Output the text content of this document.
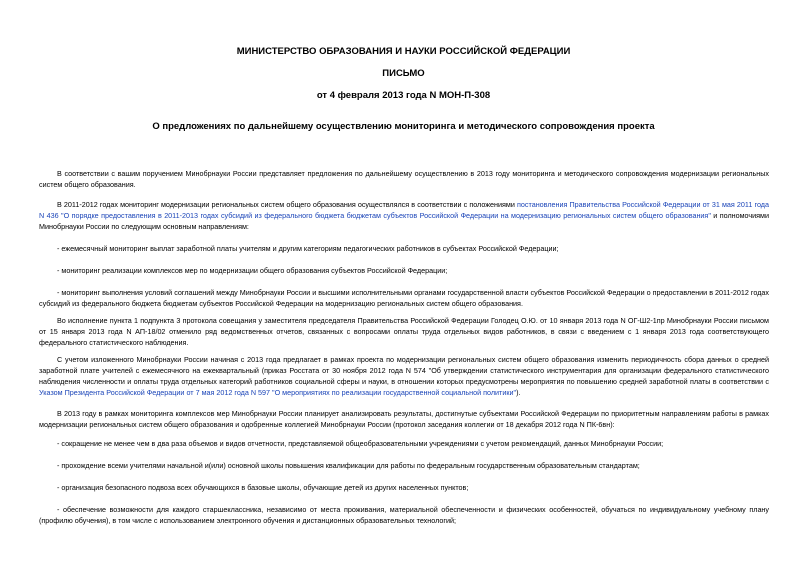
МИНИСТЕРСТВО ОБРАЗОВАНИЯ И НАУКИ РОССИЙСКОЙ ФЕДЕРАЦИИ
ПИСЬМО
от 4 февраля 2013 года N МОН-П-308
О предложениях по дальнейшему осуществлению мониторинга и методического сопровождения проекта
В соответствии с вашим поручением Минобрнауки России представляет предложения по дальнейшему осуществлению в 2013 году мониторинга и методического сопровождения модернизации региональных систем общего образования.
В 2011-2012 годах мониторинг модернизации региональных систем общего образования осуществлялся в соответствии с положениями постановления Правительства Российской Федерации от 31 мая 2011 года N 436 "О порядке предоставления в 2011-2013 годах субсидий из федерального бюджета бюджетам субъектов Российской Федерации на модернизацию региональных систем общего образования" и полномочиями Минобрнауки России по следующим основным направлениям:
- ежемесячный мониторинг выплат заработной платы учителям и другим категориям педагогических работников в субъектах Российской Федерации;
- мониторинг реализации комплексов мер по модернизации общего образования субъектов Российской Федерации;
- мониторинг выполнения условий соглашений между Минобрнауки России и высшими исполнительными органами государственной власти субъектов Российской Федерации о предоставлении в 2011-2012 годах субсидий из федерального бюджета бюджетам субъектов Российской Федерации на модернизацию региональных систем общего образования.
Во исполнение пункта 1 подпункта 3 протокола совещания у заместителя председателя Правительства Российской Федерации Голодец О.Ю. от 10 января 2013 года N ОГ-Ш2-1пр Минобрнауки России письмом от 15 января 2013 года N АП-18/02 отменило ряд ведомственных отчетов, связанных с вопросами оплаты труда отдельных видов работников, в связи с введением с 1 января 2013 года соответствующего федерального статистического наблюдения.
С учетом изложенного Минобрнауки России начиная с 2013 года предлагает в рамках проекта по модернизации региональных систем общего образования изменить периодичность сбора данных о средней заработной плате учителей с ежемесячного на ежеквартальный (приказ Росстата от 30 ноября 2012 года N 574 "Об утверждении статистического инструментария для организации федерального статистического наблюдения численности и оплаты труда отдельных категорий работников социальной сферы и науки, в отношении которых предусмотрены мероприятия по повышению средней заработной платы в соответствии с Указом Президента Российской Федерации от 7 мая 2012 года N 597 "О мероприятиях по реализации государственной социальной политики").
В 2013 году в рамках мониторинга комплексов мер Минобрнауки России планирует анализировать результаты, достигнутые субъектами Российской Федерации по приоритетным направлениям работы в рамках модернизации региональных систем общего образования и одобренные коллегией Минобрнауки России (протокол заседания коллегии от 18 декабря 2012 года N ПК-6вн):
- сокращение не менее чем в два раза объемов и видов отчетности, представляемой общеобразовательными учреждениями с учетом рекомендаций, данных Минобрнауки России;
- прохождение всеми учителями начальной и(или) основной школы повышения квалификации для работы по федеральным государственным образовательным стандартам;
- организация безопасного подвоза всех обучающихся в базовые школы, обучающие детей из других населенных пунктов;
- обеспечение возможности для каждого старшеклассника, независимо от места проживания, материальной обеспеченности и физических особенностей, обучаться по индивидуальному учебному плану (профилю обучения), в том числе с использованием электронного обучения и дистанционных образовательных технологий;
